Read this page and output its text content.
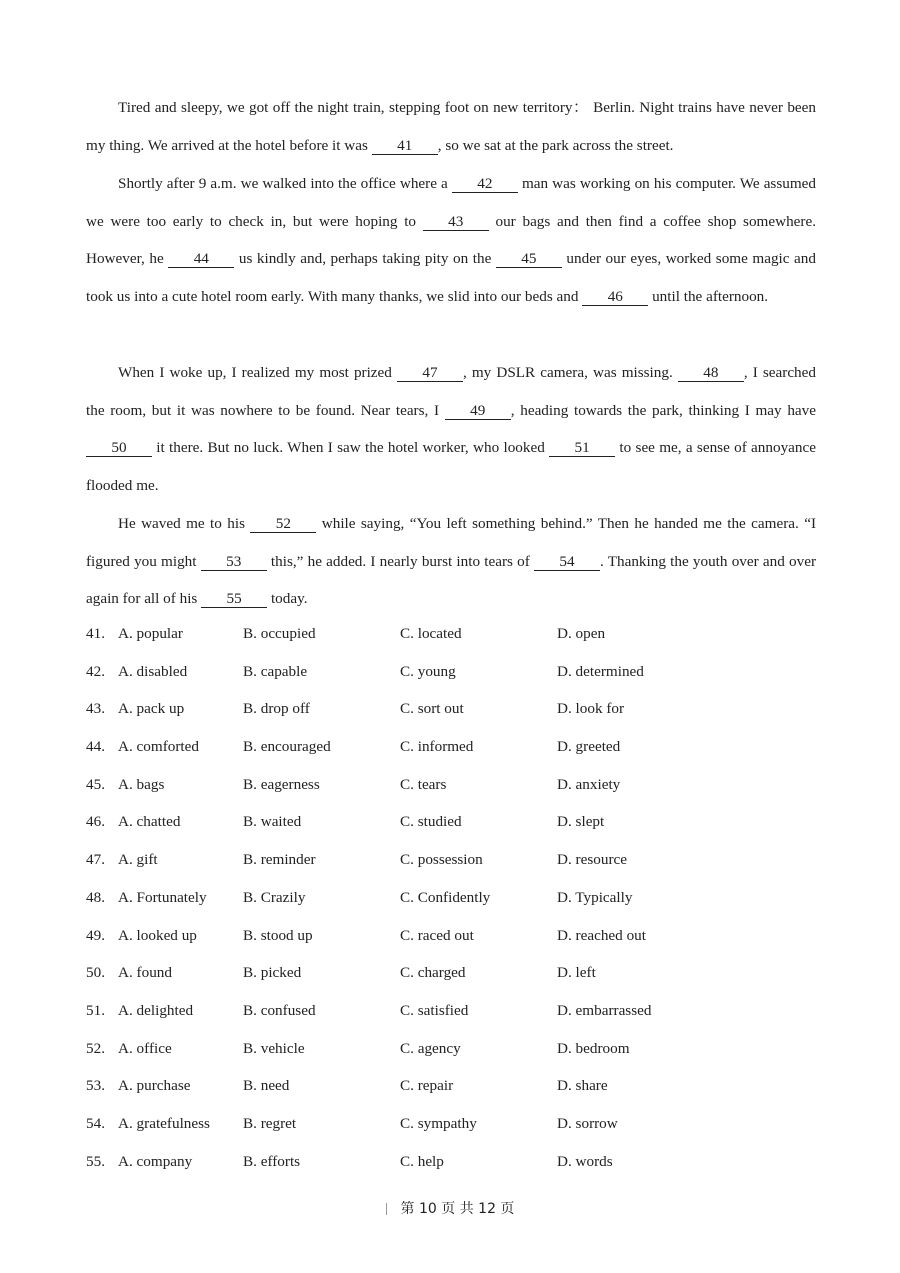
Tired and sleepy, we got off the night train, stepping foot on new territory： Berlin. Night trains have never been my thing. We arrived at the hotel before it was 41 , so we sat at the park across the street.
Shortly after 9 a.m. we walked into the office where a 42 man was working on his computer. We assumed we were too early to check in, but were hoping to 43 our bags and then find a coffee shop somewhere. However, he 44 us kindly and, perhaps taking pity on the 45 under our eyes, worked some magic and took us into a cute hotel room early. With many thanks, we slid into our beds and 46 until the afternoon.
When I woke up, I realized my most prized 47 , my DSLR camera, was missing. 48 , I searched the room, but it was nowhere to be found. Near tears, I 49 , heading towards the park, thinking I may have 50 it there. But no luck. When I saw the hotel worker, who looked 51 to see me, a sense of annoyance flooded me.
He waved me to his 52 while saying, “You left something behind.” Then he handed me the camera. “I figured you might 53 this,” he added. I nearly burst into tears of 54 . Thanking the youth over and over again for all of his 55 today.
41. A. popular	B. occupied	C. located	D. open
42. A. disabled	B. capable	C. young	D. determined
43. A. pack up	B. drop off	C. sort out	D. look for
44. A. comforted	B. encouraged	C. informed	D. greeted
45. A. bags	B. eagerness	C. tears	D. anxiety
46. A. chatted	B. waited	C. studied	D. slept
47. A. gift	B. reminder	C. possession	D. resource
48. A. Fortunately B. Crazily	C. Confidently	D. Typically
49. A. looked up	B. stood up	C. raced out	D. reached out
50. A. found	B. picked	C. charged	D. left
51. A. delighted	B. confused	C. satisfied	D. embarrassed
52. A. office	B. vehicle	C. agency	D. bedroom
53. A. purchase	B. need	C. repair	D. share
54. A. gratefulness B. regret	C. sympathy	D. sorrow
55. A. company	B. efforts	C. help	D. words
第 10 页 共 12 页
